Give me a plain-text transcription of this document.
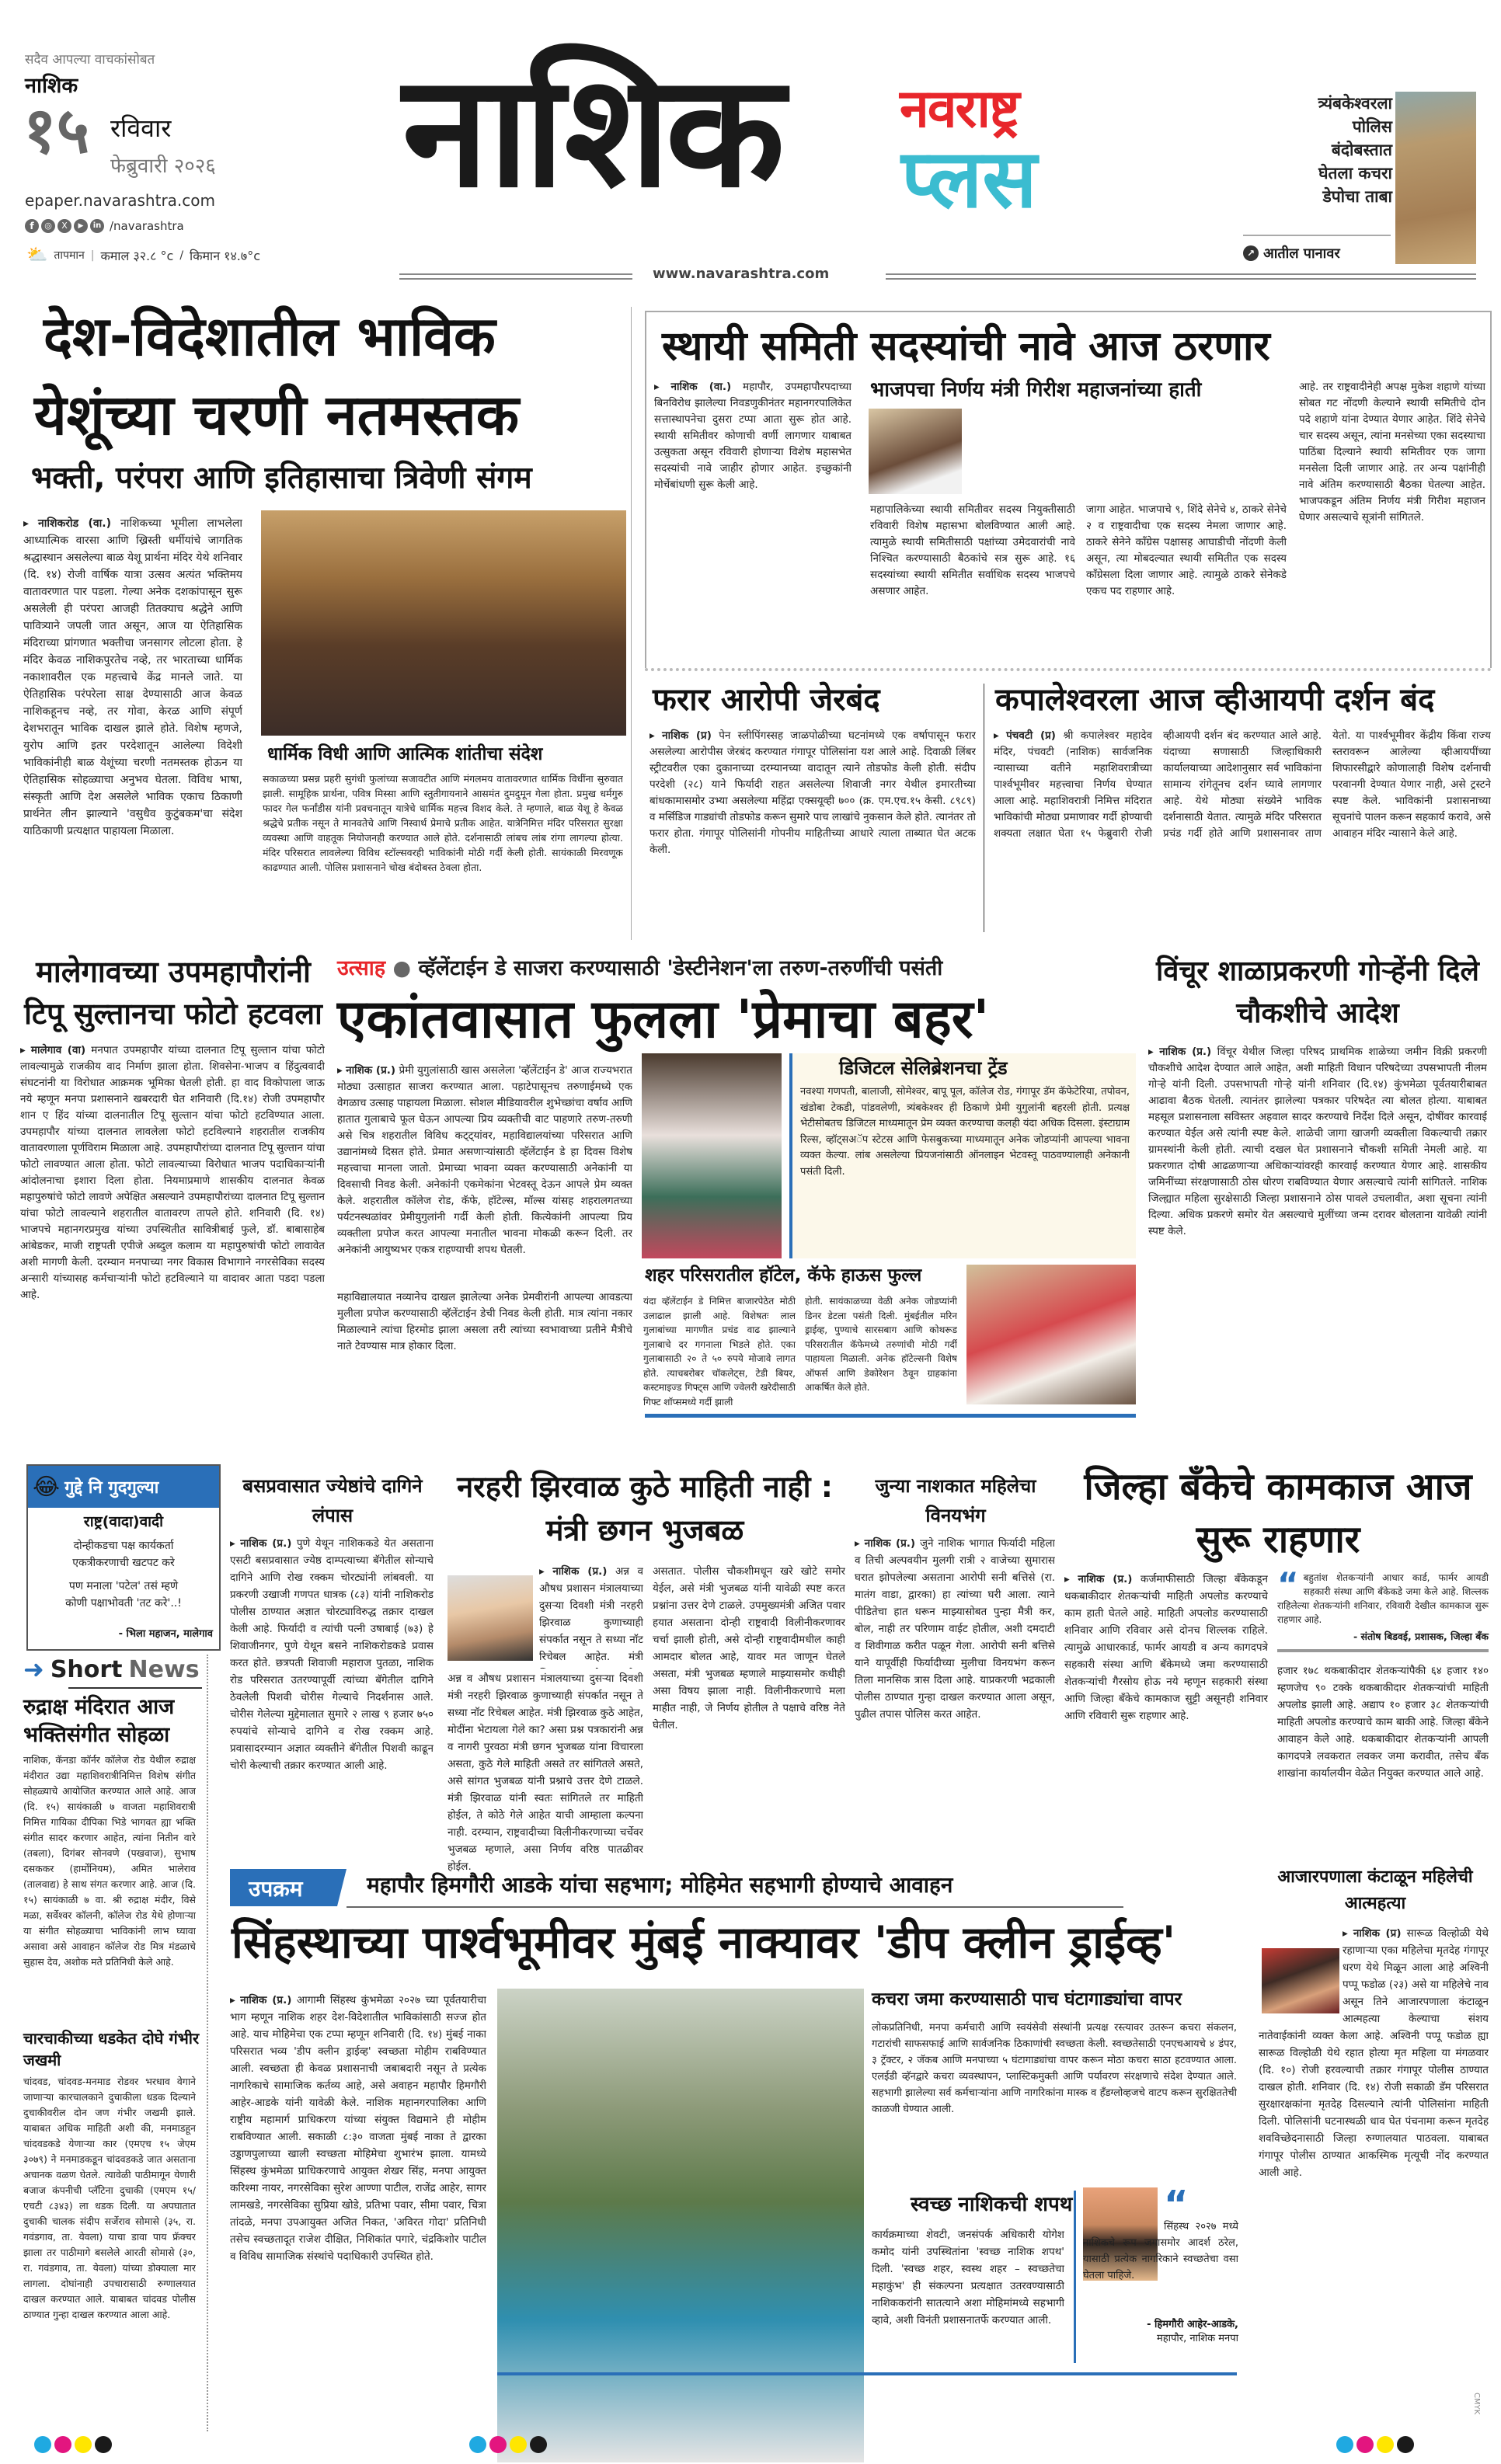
सदैव आपल्या वाचकांसोबत
नाशिक
१५ रविवार
फेब्रुवारी २०२६
epaper.navarashtra.com
f	◎	X	▶	in /navarashtra
⛅ तापमान | कमाल ३२.८ °c / किमान १४.७°c
नाशिक नवराष्ट्र
प्लस
www.navarashtra.com
त्र्यंबकेश्वरला
पोलिस
बंदोबस्तात
घेतला कचरा
डेपोचा ताबा
↗ आतील पानावर
देश-विदेशातील भाविक
येशूंच्या चरणी नतमस्तक
भक्ती, परंपरा आणि इतिहासाचा त्रिवेणी संगम
▸ नाशिकरोड (वा.) नाशिकच्या भूमीला लाभलेला आध्यात्मिक वारसा आणि ख्रिस्ती धर्मीयांचे जागतिक श्रद्धास्थान असलेल्या बाळ येशू प्रार्थना मंदिर येथे शनिवार (दि. १४) रोजी वार्षिक यात्रा उत्सव अत्यंत भक्तिमय वातावरणात पार पडला. गेल्या अनेक दशकांपासून सुरू असलेली ही परंपरा आजही तितक्याच श्रद्धेने आणि पावित्र्याने जपली जात असून, आज या ऐतिहासिक मंदिराच्या प्रांगणात भक्तीचा जनसागर लोटला होता. हे मंदिर केवळ नाशिकपुरतेच नव्हे, तर भारताच्या धार्मिक नकाशावरील एक महत्त्वाचे केंद्र मानले जाते. या ऐतिहासिक परंपरेला साक्ष देण्यासाठी आज केवळ नाशिकहूनच नव्हे, तर गोवा, केरळ आणि संपूर्ण देशभरातून भाविक दाखल झाले होते. विशेष म्हणजे, युरोप आणि इतर परदेशातून आलेल्या विदेशी भाविकांनीही बाळ येशूंच्या चरणी नतमस्तक होऊन या ऐतिहासिक सोहळ्याचा अनुभव घेतला. विविध भाषा, संस्कृती आणि देश असलेले भाविक एकाच ठिकाणी प्रार्थनेत लीन झाल्याने 'वसुधैव कुटुंबकम'चा संदेश याठिकाणी प्रत्यक्षात पाहायला मिळाला.
धार्मिक विधी आणि आत्मिक शांतीचा संदेश
सकाळच्या प्रसन्न प्रहरी सुगंधी फुलांच्या सजावटीत आणि मंगलमय वातावरणात धार्मिक विधींना सुरुवात झाली. सामूहिक प्रार्थना, पवित्र मिस्सा आणि स्तुतीगायनाने आसमंत दुमदुमून गेला होता. प्रमुख धर्मगुरु फादर गेल फर्नांडीस यांनी प्रवचनातून यात्रेचे धार्मिक महत्त्व विशद केले. ते म्हणाले, बाळ येशू हे केवळ श्रद्धेचे प्रतीक नसून ते मानवतेचे आणि निस्वार्थ प्रेमाचे प्रतीक आहेत. यात्रेनिमित्त मंदिर परिसरात सुरक्षा व्यवस्था आणि वाहतूक नियोजनही करण्यात आले होते. दर्शनासाठी लांबच लांब रांगा लागल्या होत्या. मंदिर परिसरात लावलेल्या विविध स्टॉल्सवरही भाविकांनी मोठी गर्दी केली होती. सायंकाळी मिरवणूक काढण्यात आली. पोलिस प्रशासनाने चोख बंदोबस्त ठेवला होता.
स्थायी समिती सदस्यांची नावे आज ठरणार
▸ नाशिक (वा.) महापौर, उपमहापौरपदाच्या बिनविरोध झालेल्या निवडणुकीनंतर महानगरपालिकेत सत्तास्थापनेचा दुसरा टप्पा आता सुरू होत आहे. स्थायी समितीवर कोणाची वर्णी लागणार याबाबत उत्सुकता असून रविवारी होणाऱ्या विशेष महासभेत सदस्यांची नावे जाहीर होणार आहेत. इच्छुकांनी मोर्चेबांधणी सुरू केली आहे.
भाजपचा निर्णय मंत्री गिरीश महाजनांच्या हाती
महापालिकेच्या स्थायी समितीवर सदस्य नियुक्तीसाठी रविवारी विशेष महासभा बोलविण्यात आली आहे. त्यामुळे स्थायी समितीसाठी पक्षांच्या उमेदवारांची नावे निश्चित करण्यासाठी बैठकांचे सत्र सुरू आहे. १६ सदस्यांच्या स्थायी समितीत सर्वाधिक सदस्य भाजपचे असणार आहेत.
जागा आहेत. भाजपाचे ९, शिंदे सेनेचे ४, ठाकरे सेनेचे २ व राष्ट्रवादीचा एक सदस्य नेमला जाणार आहे. ठाकरे सेनेने काँग्रेस पक्षासह आघाडीची नोंदणी केली असून, त्या मोबदल्यात स्थायी समितीत एक सदस्य काँग्रेसला दिला जाणार आहे. त्यामुळे ठाकरे सेनेकडे एकच पद राहणार आहे.
आहे. तर राष्ट्रवादीनेही अपक्ष मुकेश शहाणे यांच्या सोबत गट नोंदणी केल्याने स्थायी समितीचे दोन पदे शहाणे यांना देण्यात येणार आहेत. शिंदे सेनेचे चार सदस्य असून, त्यांना मनसेच्या एका सदस्याचा पाठिंबा दिल्याने स्थायी समितीवर एक जागा मनसेला दिली जाणार आहे. तर अन्य पक्षांनीही नावे अंतिम करण्यासाठी बैठका घेतल्या आहेत. भाजपकडून अंतिम निर्णय मंत्री गिरीश महाजन घेणार असल्याचे सूत्रांनी सांगितले.
फरार आरोपी जेरबंद
▸ नाशिक (प्र) पेन स्लीपिंगस्सह जाळपोळीच्या घटनांमध्ये एक वर्षापासून फरार असलेल्या आरोपीस जेरबंद करण्यात गंगापूर पोलिसांना यश आले आहे. दिवाळी लिंबर स्ट्रीटवरील एका दुकानाच्या दरम्यानच्या वादातून त्याने तोडफोड केली होती. संदीप परदेशी (२८) याने फिर्यादी राहत असलेल्या शिवाजी नगर येथील इमारतीच्या बांधकामासमोर उभ्या असलेल्या महिंद्रा एक्सयूव्ही ७०० (क्र. एम.एच.१५ केसी. ८९८९) व मर्सिडिज गाड्यांची तोडफोड करून सुमारे पाच लाखांचे नुकसान केले होते. त्यानंतर तो फरार होता. गंगापूर पोलिसांनी गोपनीय माहितीच्या आधारे त्याला ताब्यात घेत अटक केली.
कपालेश्वरला आज व्हीआयपी दर्शन बंद
▸ पंचवटी (प्र) श्री कपालेश्वर महादेव मंदिर, पंचवटी (नाशिक) सार्वजनिक न्यासाच्या वतीने महाशिवरात्रीच्या पार्श्वभूमीवर महत्त्वाचा निर्णय घेण्यात आला आहे. महाशिवरात्री निमित्त मंदिरात भाविकांची मोठ्या प्रमाणावर गर्दी होण्याची शक्यता लक्षात घेता १५ फेब्रुवारी रोजी व्हीआयपी दर्शन बंद करण्यात आले आहे. यंदाच्या सणासाठी जिल्हाधिकारी कार्यालयाच्या आदेशानुसार सर्व भाविकांना सामान्य रांगेतूनच दर्शन घ्यावे लागणार आहे. येथे मोठ्या संख्येने भाविक दर्शनासाठी येतात. त्यामुळे मंदिर परिसरात प्रचंड गर्दी होते आणि प्रशासनावर ताण येतो. या पार्श्वभूमीवर केंद्रीय किंवा राज्य स्तरावरून आलेल्या व्हीआयपींच्या शिफारसीद्वारे कोणालाही विशेष दर्शनाची परवानगी देण्यात येणार नाही, असे ट्रस्टने स्पष्ट केले. भाविकांनी प्रशासनाच्या सूचनांचे पालन करून सहकार्य करावे, असे आवाहन मंदिर न्यासाने केले आहे.
मालेगावच्या उपमहापौरांनी टिपू सुल्तानचा फोटो हटवला
▸ मालेगाव (वा) मनपात उपमहापौर यांच्या दालनात टिपू सुल्तान यांचा फोटो लावल्यामुळे राजकीय वाद निर्माण झाला होता. शिवसेना-भाजप व हिंदुत्ववादी संघटनांनी या विरोधात आक्रमक भूमिका घेतली होती. हा वाद विकोपाला जाऊ नये म्हणून मनपा प्रशासनाने खबरदारी घेत शनिवारी (दि.१४) रोजी उपमहापौर शान ए हिंद यांच्या दालनातील टिपू सुल्तान यांचा फोटो हटविण्यात आला. उपमहापौर यांच्या दालनात लावलेला फोटो हटविल्याने शहरातील राजकीय वातावरणाला पूर्णविराम मिळाला आहे. उपमहापौरांच्या दालनात टिपू सुल्तान यांचा फोटो लावण्यात आला होता. फोटो लावल्याच्या विरोधात भाजप पदाधिकाऱ्यांनी आंदोलनाचा इशारा दिला होता. नियमाप्रमाणे शासकीय दालनात केवळ महापुरुषांचे फोटो लावणे अपेक्षित असल्याने उपमहापौरांच्या दालनात टिपू सुल्तान यांचा फोटो लावल्याने शहरातील वातावरण तापले होते. शनिवारी (दि. १४) भाजपचे महानगरप्रमुख यांच्या उपस्थितीत सावित्रीबाई फुले, डॉ. बाबासाहेब आंबेडकर, माजी राष्ट्रपती एपीजे अब्दुल कलाम या महापुरुषांची फोटो लावावेत अशी मागणी केली. दरम्यान मनपाच्या नगर विकास विभागाने नगरसेविका सदस्य अन्सारी यांच्यासह कर्मचाऱ्यांनी फोटो हटविल्याने या वादावर आता पडदा पडला आहे.
उत्साह ● व्हॅलेंटाईन डे साजरा करण्यासाठी 'डेस्टीनेशन'ला तरुण-तरुणींची पसंती
एकांतवासात फुलला 'प्रेमाचा बहर'
▸ नाशिक (प्र.) प्रेमी युगुलांसाठी खास असलेला 'व्हॅलेंटाईन डे' आज राज्यभरात मोठ्या उत्साहात साजरा करण्यात आला. पहाटेपासूनच तरुणाईमध्ये एक वेगळाच उत्साह पाहायला मिळाला. सोशल मीडियावरील शुभेच्छांचा वर्षाव आणि हातात गुलाबाचे फूल घेऊन आपल्या प्रिय व्यक्तीची वाट पाहणारे तरुण-तरुणी असे चित्र शहरातील विविध कट्ट्यांवर, महाविद्यालयांच्या परिसरात आणि उद्यानांमध्ये दिसत होते. प्रेमात असणाऱ्यांसाठी व्हॅलेंटाईन डे हा दिवस विशेष महत्त्वाचा मानला जातो. प्रेमाच्या भावना व्यक्त करण्यासाठी अनेकांनी या दिवसाची निवड केली. अनेकांनी एकमेकांना भेटवस्तू देऊन आपले प्रेम व्यक्त केले. शहरातील कॉलेज रोड, कॅफे, हॉटेल्स, मॉल्स यांसह शहरालगतच्या पर्यटनस्थळांवर प्रेमीयुगुलांनी गर्दी केली होती. कित्येकांनी आपल्या प्रिय व्यक्तीला प्रपोज करत आपल्या मनातील भावना मोकळी करून दिली. तर अनेकांनी आयुष्यभर एकत्र राहण्याची शपथ घेतली.
महाविद्यालयात नव्यानेच दाखल झालेल्या अनेक प्रेमवीरांनी आपल्या आवडत्या मुलीला प्रपोज करण्यासाठी व्हॅलेंटाईन डेची निवड केली होती. मात्र त्यांना नकार मिळाल्याने त्यांचा हिरमोड झाला असला तरी त्यांच्या स्वभावाच्या प्रतीने मैत्रीचे नाते टेवण्यास मात्र होकार दिला.
डिजिटल सेलिब्रेशनचा ट्रेंड
नवश्या गणपती, बालाजी, सोमेश्वर, बापू पूल, कॉलेज रोड, गंगापूर डॅम कॅफेटेरिया, तपोवन, खंडोबा टेकडी, पांडवलेणी, त्र्यंबकेश्वर ही ठिकाणे प्रेमी युगुलांनी बहरली होती. प्रत्यक्ष भेटीसोबतच डिजिटल माध्यमातून प्रेम व्यक्त करण्याचा कलही यंदा अधिक दिसला. इंस्टाग्राम रिल्स, व्हॉट्सअॅप स्टेटस आणि फेसबुकच्या माध्यमातून अनेक जोडप्यांनी आपल्या भावना व्यक्त केल्या. लांब असलेल्या प्रियजनांसाठी ऑनलाइन भेटवस्तू पाठवण्यालाही अनेकानी पसंती दिली.
शहर परिसरातील हॉटेल, कॅफे हाऊस फुल्ल
यंदा व्हॅलेंटाईन डे निमित्त बाजारपेठेत मोठी उलाढाल झाली आहे. विशेषतः लाल गुलाबांच्या मागणीत प्रचंड वाढ झाल्याने गुलाबाचे दर गगनाला भिडले होते. एका गुलाबासाठी २० ते ५० रुपये मोजावे लागत होते. त्याचबरोबर चॉकलेट्स, टेडी बियर, कस्टमाइज्ड गिफ्ट्स आणि ज्वेलरी खरेदीसाठी गिफ्ट शॉप्समध्ये गर्दी झाली
होती. सायंकाळच्या वेळी अनेक जोडप्यांनी डिनर डेटला पसंती दिली. मुंबईतील मरिन ड्राईव्ह, पुण्याचे सारसबाग आणि कोथरूड परिसरातील कॅफेमध्ये तरुणांची मोठी गर्दी पाहायला मिळाली. अनेक हॉटेल्सनी विशेष ऑफर्स आणि डेकोरेशन ठेवून ग्राहकांना आकर्षित केले होते.
विंचूर शाळाप्रकरणी गोऱ्हेंनी दिले चौकशीचे आदेश
▸ नाशिक (प्र.) विंचूर येथील जिल्हा परिषद प्राथमिक शाळेच्या जमीन विक्री प्रकरणी चौकशीचे आदेश देण्यात आले आहेत, अशी माहिती विधान परिषदेच्या उपसभापती नीलम गोऱ्हे यांनी दिली. उपसभापती गोऱ्हे यांनी शनिवार (दि.१४) कुंभमेळा पूर्वतयारीबाबत आढावा बैठक घेतली. त्यानंतर झालेल्या पत्रकार परिषदेत त्या बोलत होत्या. याबाबत महसूल प्रशासनाला सविस्तर अहवाल सादर करण्याचे निर्देश दिले असून, दोषींवर कारवाई करण्यात येईल असे त्यांनी स्पष्ट केले. शाळेची जागा खाजगी व्यक्तीला विकल्याची तक्रार ग्रामस्थांनी केली होती. त्याची दखल घेत प्रशासनाने चौकशी समिती नेमली आहे. या प्रकरणात दोषी आढळणाऱ्या अधिकाऱ्यांवरही कारवाई करण्यात येणार आहे. शासकीय जमिनींच्या संरक्षणासाठी ठोस धोरण राबविण्यात येणार असल्याचे त्यांनी सांगितले. नाशिक जिल्ह्यात महिला सुरक्षेसाठी जिल्हा प्रशासनाने ठोस पावले उचलावीत, अशा सूचना त्यांनी दिल्या. अधिक प्रकरणे समोर येत असल्याचे मुलींच्या जन्म दरावर बोलताना यावेळी त्यांनी स्पष्ट केले.
😂 गुद्दे नि गुदगुल्या
राष्ट्र(वादा)वादी
दोन्हीकडचा पक्ष कार्यकर्ता
एकत्रीकरणाची खटपट करे
पण मनाला 'पटेल' तसं म्हणे
कोणी पक्षाभोवती 'तट करे'..!
- भिला महाजन, मालेगाव
➜ Short News
रुद्राक्ष मंदिरात आज भक्तिसंगीत सोहळा
नाशिक, कॅनडा कॉर्नर कॉलेज रोड येथील रुद्राक्ष मंदीरात उद्या महाशिवरात्रीनिमित्त विशेष संगीत सोहळ्याचे आयोजित करण्यात आले आहे. आज (दि. १५) सायंकाळी ७ वाजता महाशिवरात्री निमित्त गायिका दीपिका भिडे भागवत ह्या भक्ति संगीत सादर करणार आहेत, त्यांना नितीन वारे (तबला), दिगंबर सोनवणे (पखवाज), सुभाष दसककर (हार्मोनियम), अमित भालेराव (तालवाद्य) हे साथ संगत करणार आहे. आज (दि. १५) सायंकाळी ७ वा. श्री रुद्राक्ष मंदीर, विसे मळा, सर्वेश्वर कॉलनी, कॉलेज रोड येथे होणाऱ्या या संगीत सोहळ्याचा भाविकांनी लाभ घ्यावा असावा असे आवाहन कॉलेज रोड मित्र मंडळाचे सुहास देव, अशोक मते प्रतिनिधी केले आहे.
चारचाकीच्या धडकेत दोघे गंभीर जखमी
चांदवड, चांदवड-मनमाड रोडवर भरधाव वेगाने जाणाऱ्या कारचालकाने दुचाकीला धडक दिल्याने दुचाकीवरील दोन जण गंभीर जखमी झाले. याबाबत अधिक माहिती अशी की, मनमाडहून चांदवडकडे येणाऱ्या कार (एमएच १५ जेएम ३०७९) ने मनमाडकडून चांदवडकडे जात असताना अचानक वळण घेतले. त्यावेळी पाठीमागून येणारी बजाज कंपनीची प्लॅटिना दुचाकी (एमएम १५/ एचटी ८३४३) ला धडक दिली. या अपघातात दुचाकी चालक संदीप सर्जेराव सोमासे (३५, रा. गवंडगाव, ता. येवला) याचा डावा पाय फ्रॅक्चर झाला तर पाठीमागे बसलेले आरती सोमासे (३०, रा. गवंडगाव, ता. येवला) यांच्या डोक्याला मार लागला. दोघांनाही उपचारासाठी रुग्णालयात दाखल करण्यात आले. याबाबत चांदवड पोलीस ठाण्यात गुन्हा दाखल करण्यात आला आहे.
बसप्रवासात ज्येष्ठांचे दागिने लंपास
▸ नाशिक (प्र.) पुणे येथून नाशिककडे येत असताना एसटी बसप्रवासात ज्येष्ठ दाम्पत्याच्या बॅगेतील सोन्याचे दागिने आणि रोख रक्कम चोरट्यांनी लांबवली. या प्रकरणी उखाजी गणपत धात्रक (८३) यांनी नाशिकरोड पोलीस ठाण्यात अज्ञात चोरट्याविरुद्ध तक्रार दाखल केली आहे. फिर्यादी व त्यांची पत्नी उषाबाई (७३) हे शिवाजीनगर, पुणे येथून बसने नाशिकरोडकडे प्रवास करत होते. छत्रपती शिवाजी महाराज पुतळा, नाशिक रोड परिसरात उतरण्यापूर्वी त्यांच्या बॅगेतील दागिने ठेवलेली पिशवी चोरीस गेल्याचे निदर्शनास आले. चोरीस गेलेल्या मुद्देमालात सुमारे २ लाख ९ हजार ७५० रुपयांचे सोन्याचे दागिने व रोख रक्कम आहे. प्रवासादरम्यान अज्ञात व्यक्तीने बॅगेतील पिशवी काढून चोरी केल्याची तक्रार करण्यात आली आहे.
नरहरी झिरवाळ कुठे माहिती नाही : मंत्री छगन भुजबळ
▸ नाशिक (प्र.) अन्न व औषध प्रशासन मंत्रालयाच्या दुसऱ्या दिवशी मंत्री नरहरी झिरवाळ कुणाच्याही संपर्कात नसून ते सध्या नॉट रिचेबल आहेत. मंत्री
अन्न व औषध प्रशासन मंत्रालयाच्या दुसऱ्या दिवशी मंत्री नरहरी झिरवाळ कुणाच्याही संपर्कात नसून ते सध्या नॉट रिचेबल आहेत. मंत्री झिरवाळ कुठे आहेत, मोदींना भेटायला गेले का? असा प्रश्न पत्रकारांनी अन्न व नागरी पुरवठा मंत्री छगन भुजबळ यांना विचारला असता, कुठे गेले माहिती असते तर सांगितले असते, असे सांगत भुजबळ यांनी प्रश्नाचे उत्तर देणे टाळले. मंत्री झिरवाळ यांनी स्वतः सांगितले तर माहिती होईल, ते कोठे गेले आहेत याची आम्हाला कल्पना नाही. दरम्यान, राष्ट्रवादीच्या विलीनीकरणाच्या चर्चेवर भुजबळ म्हणाले, असा निर्णय वरिष्ठ पातळीवर होईल.
असतात. पोलीस चौकशीमधून खरे खोटे समोर येईल, असे मंत्री भुजबळ यांनी यावेळी स्पष्ट करत प्रश्नांना उत्तर देणे टाळले. उपमुख्यमंत्री अजित पवार हयात असताना दोन्ही राष्ट्रवादी विलीनीकरणावर चर्चा झाली होती, असे दोन्ही राष्ट्रवादीमधील काही आमदार बोलत आहे, यावर मत जाणून घेतले असता, मंत्री भुजबळ म्हणाले माझ्यासमोर कधीही असा विषय झाला नाही. विलीनीकरणाचे मला माहीत नाही, जे निर्णय होतील ते पक्षाचे वरिष्ठ नेते घेतील.
जुन्या नाशकात महिलेचा विनयभंग
▸ नाशिक (प्र.) जुने नाशिक भागात फिर्यादी महिला व तिची अल्पवयीन मुलगी रात्री २ वाजेच्या सुमारास घरात झोपलेल्या असताना आरोपी सनी बत्तिसे (रा. मातंग वाडा, द्वारका) हा त्यांच्या घरी आला. त्याने पीडितेचा हात धरून माझ्यासोबत पुन्हा मैत्री कर, बोल, नाही तर परिणाम वाईट होतील, अशी दमदाटी व शिवीगाळ करीत पळून गेला. आरोपी सनी बत्तिसे याने यापूर्वीही फिर्यादीच्या मुलीचा विनयभंग करून तिला मानसिक त्रास दिला आहे. याप्रकरणी भद्रकाली पोलीस ठाण्यात गुन्हा दाखल करण्यात आला असून, पुढील तपास पोलिस करत आहेत.
जिल्हा बँकेचे कामकाज आज सुरू राहणार
▸ नाशिक (प्र.) कर्जमाफीसाठी जिल्हा बँकेकडून थकबाकीदार शेतकऱ्यांची माहिती अपलोड करण्याचे काम हाती घेतले आहे. माहिती अपलोड करण्यासाठी शनिवार आणि रविवार असे दोनच शिल्लक राहिले. त्यामुळे आधारकार्ड, फार्मर आयडी व अन्य कागदपत्रे सहकारी संस्था आणि बँकेमध्ये जमा करण्यासाठी शेतकऱ्यांची गैरसोय होऊ नये म्हणून सहकारी संस्था आणि जिल्हा बँकेचे कामकाज सुट्टी असूनही शनिवार आणि रविवारी सुरू राहणार आहे.
“ बहुतांश शेतकऱ्यांनी आधार कार्ड, फार्मर आयडी सहकारी संस्था आणि बँकेकडे जमा केले आहे. शिल्लक राहिलेल्या शेतकऱ्यांनी शनिवार, रविवारी देखील कामकाज सुरू राहणार आहे.
- संतोष बिडवई, प्रशासक, जिल्हा बँक
हजार १७८ थकबाकीदार शेतकऱ्यांपैकी ६४ हजार १४० म्हणजेच ९० टक्के थकबाकीदार शेतकऱ्यांची माहिती अपलोड झाली आहे. अद्याप १० हजार ३८ शेतकऱ्यांची माहिती अपलोड करण्याचे काम बाकी आहे. जिल्हा बँकेने आवाहन केले आहे. थकबाकीदार शेतकऱ्यांनी आपली कागदपत्रे लवकरात लवकर जमा करावीत, तसेच बँक शाखांना कार्यालयीन वेळेत नियुक्त करण्यात आले आहे.
उपक्रम	महापौर हिमगौरी आडके यांचा सहभाग; मोहिमेत सहभागी होण्याचे आवाहन
सिंहस्थाच्या पार्श्वभूमीवर मुंबई नाक्यावर 'डीप क्लीन ड्राईव्ह'
▸ नाशिक (प्र.) आगामी सिंहस्थ कुंभमेळा २०२७ च्या पूर्वतयारीचा भाग म्हणून नाशिक शहर देश-विदेशातील भाविकांसाठी सज्ज होत आहे. याच मोहिमेचा एक टप्पा म्हणून शनिवारी (दि. १४) मुंबई नाका परिसरात भव्य 'डीप क्लीन ड्राईव्ह' स्वच्छता मोहीम राबविण्यात आली. स्वच्छता ही केवळ प्रशासनाची जबाबदारी नसून ते प्रत्येक नागरिकाचे सामाजिक कर्तव्य आहे, असे अवाहन महापौर हिमगौरी आहेर-आडके यांनी यावेळी केले. नाशिक महानगरपालिका आणि राष्ट्रीय महामार्ग प्राधिकरण यांच्या संयुक्त विद्यमाने ही मोहीम राबविण्यात आली. सकाळी ८:३० वाजता मुंबई नाका ते द्वारका उड्डाणपुलाच्या खाली स्वच्छता मोहिमेचा शुभारंभ झाला. यामध्ये सिंहस्थ कुंभमेळा प्राधिकरणाचे आयुक्त शेखर सिंह, मनपा आयुक्त करिश्मा नायर, नगरसेविका सुरेश आण्णा पाटील, राजेंद्र आहेर, सागर लामखडे, नगरसेविका सुप्रिया खोडे, प्रतिभा पवार, सीमा पवार, चित्रा तांदळे, मनपा उपआयुक्त अजित निकत, 'अविरत गोदा' प्रतिनिधी तसेच स्वच्छतादूत राजेश दीक्षित, निशिकांत पगारे, चंद्रकिशोर पाटील व विविध सामाजिक संस्थांचे पदाधिकारी उपस्थित होते.
कचरा जमा करण्यासाठी पाच घंटागाड्यांचा वापर
लोकप्रतिनिधी, मनपा कर्मचारी आणि स्वयंसेवी संस्थांनी प्रत्यक्ष रस्त्यावर उतरून कचरा संकलन, गटारांची साफसफाई आणि सार्वजनिक ठिकाणांची स्वच्छता केली. स्वच्छतेसाठी एनएचआयचे ४ डंपर, ३ ट्रॅक्टर, २ जॅकब आणि मनपाच्या ५ घंटागाड्यांचा वापर करून मोठा कचरा साठा हटवण्यात आला. एलईडी व्हॅनद्वारे कचरा व्यवस्थापन, प्लास्टिकमुक्ती आणि पर्यावरण संरक्षणाचे संदेश देण्यात आले. सहभागी झालेल्या सर्व कर्मचाऱ्यांना आणि नागरिकांना मास्क व हँडग्लोव्हजचे वाटप करून सुरक्षिततेची काळजी घेण्यात आली.
स्वच्छ नाशिकची शपथ
कार्यक्रमाच्या शेवटी, जनसंपर्क अधिकारी योगेश कमोद यांनी उपस्थितांना 'स्वच्छ नाशिक शपथ' दिली. 'स्वच्छ शहर, स्वस्थ शहर – स्वच्छतेचा महाकुंभ' ही संकल्पना प्रत्यक्षात उतरवण्यासाठी नाशिककरांनी सातत्याने अशा मोहिमांमध्ये सहभागी व्हावे, अशी विनंती प्रशासनातर्फे करण्यात आली.
“
सिंहस्थ २०२७ मध्ये नाशिकचे रूप जगासमोर आदर्श ठरेल, यासाठी प्रत्येक नागरिकाने स्वच्छतेचा वसा घेतला पाहिजे.
- हिमगौरी आहेर-आडके,
महापौर, नाशिक मनपा
आजारपणाला कंटाळून महिलेची आत्महत्या
▸ नाशिक (प्र) सारूळ विल्होळी येथे रहाणाऱ्या एका महिलेचा मृतदेह गंगापूर धरण येथे मिळून आला आहे अश्विनी पप्पू फडोळ (२३) असे या महिलेचे नाव असून तिने आजारपणाला कंटाळून आत्महत्या केल्याचा संशय नातेवाईकांनी व्यक्त केला आहे. अश्विनी पप्पू फडोळ ह्या सारूळ विल्होळी येथे रहात होत्या मृत महिला या मंगळवार (दि. १०) रोजी हरवल्याची तक्रार गंगापूर पोलीस ठाण्यात दाखल होती. शनिवार (दि. १४) रोजी सकाळी डॅम परिसरात सुरक्षारक्षकांना मृतदेह दिसल्याने त्यांनी पोलिसांना माहिती दिली. पोलिसांनी घटनास्थळी धाव घेत पंचनामा करून मृतदेह शवविच्छेदनासाठी जिल्हा रुग्णालयात पाठवला. याबाबत गंगापूर पोलीस ठाण्यात आकस्मिक मृत्यूची नोंद करण्यात आली आहे.
CMYK
